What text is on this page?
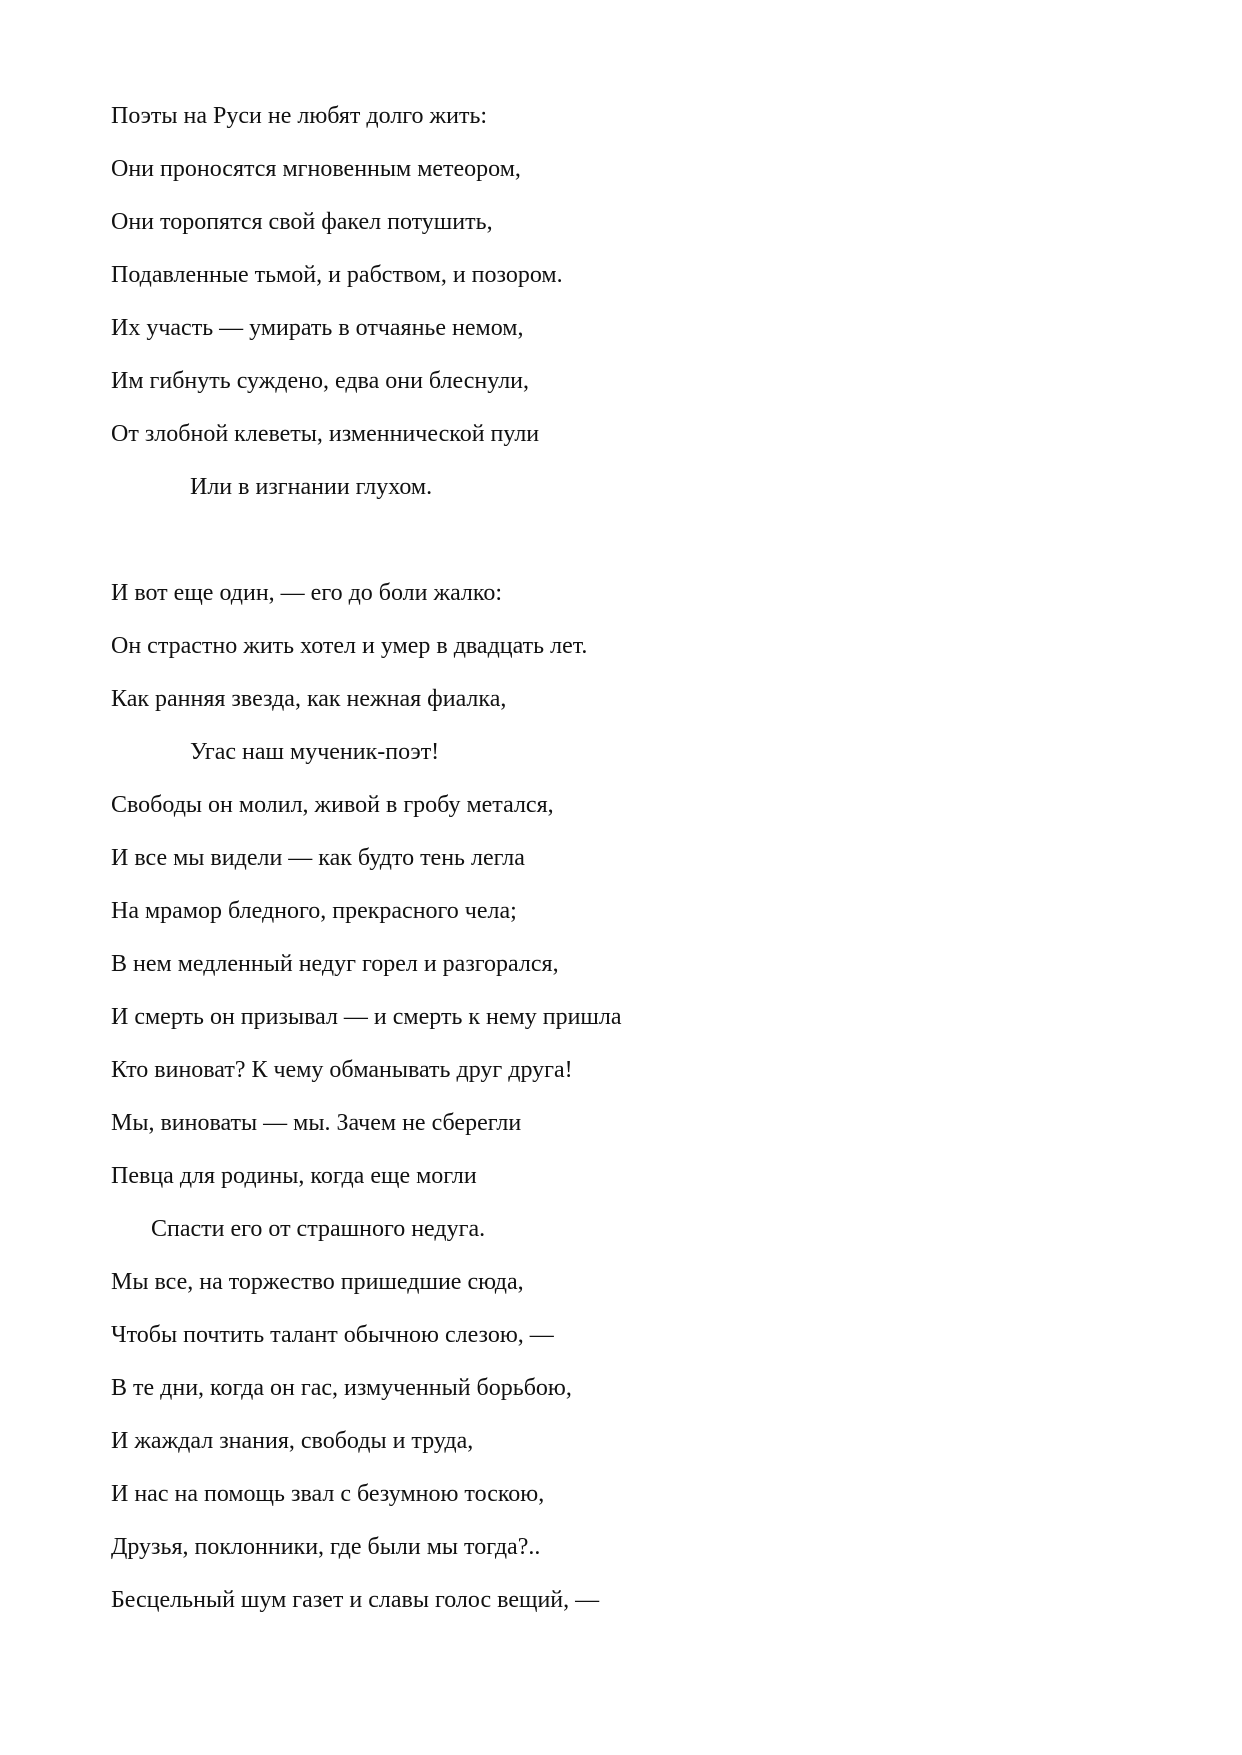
Поэты на Руси не любят долго жить:
Они проносятся мгновенным метеором,
Они торопятся свой факел потушить,
Подавленные тьмой, и рабством, и позором.
Их участь — умирать в отчаянье немом,
Им гибнуть суждено, едва они блеснули,
От злобной клеветы, изменнической пули
Или в изгнании глухом.
И вот еще один, — его до боли жалко:
Он страстно жить хотел и умер в двадцать лет.
Как ранняя звезда, как нежная фиалка,
Угас наш мученик-поэт!
Свободы он молил, живой в гробу метался,
И все мы видели — как будто тень легла
На мрамор бледного, прекрасного чела;
В нем медленный недуг горел и разгорался,
И смерть он призывал — и смерть к нему пришла
Кто виноват? К чему обманывать друг друга!
Мы, виноваты — мы. Зачем не сберегли
Певца для родины, когда еще могли
Спасти его от страшного недуга.
Мы все, на торжество пришедшие сюда,
Чтобы почтить талант обычною слезою, —
В те дни, когда он гас, измученный борьбою,
И жаждал знания, свободы и труда,
И нас на помощь звал с безумною тоскою,
Друзья, поклонники, где были мы тогда?..
Бесцельный шум газет и славы голос вещий, —
